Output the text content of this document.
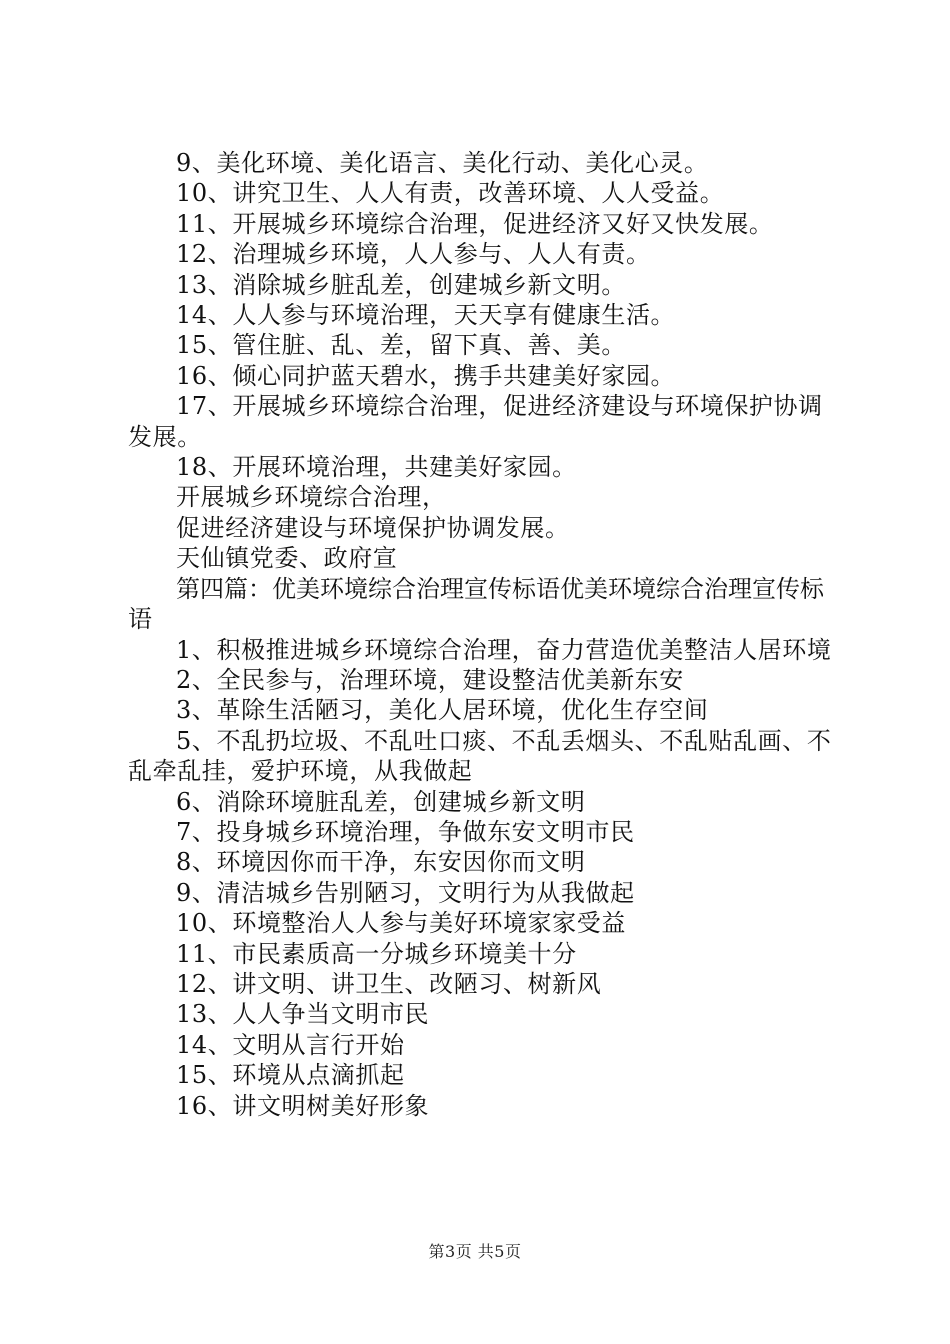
9、美化环境、美化语言、美化行动、美化心灵。

10、讲究卫生、人人有责，改善环境、人人受益。

11、开展城乡环境综合治理，促进经济又好又快发展。

12、治理城乡环境，人人参与、人人有责。

13、消除城乡脏乱差，创建城乡新文明。

14、人人参与环境治理，天天享有健康生活。

15、管住脏、乱、差，留下真、善、美。

16、倾心同护蓝天碧水，携手共建美好家园。

17、开展城乡环境综合治理，促进经济建设与环境保护协调发展。

18、开展环境治理，共建美好家园。

开展城乡环境综合治理，

促进经济建设与环境保护协调发展。

天仙镇党委、政府宣

第四篇：优美环境综合治理宣传标语优美环境综合治理宣传标语

1、积极推进城乡环境综合治理，奋力营造优美整洁人居环境

2、全民参与，治理环境，建设整洁优美新东安

3、革除生活陋习，美化人居环境，优化生存空间

5、不乱扔垃圾、不乱吐口痰、不乱丢烟头、不乱贴乱画、不乱牵乱挂，爱护环境，从我做起

6、消除环境脏乱差，创建城乡新文明

7、投身城乡环境治理，争做东安文明市民

8、环境因你而干净，东安因你而文明

9、清洁城乡告别陋习，文明行为从我做起

10、环境整治人人参与美好环境家家受益

11、市民素质高一分城乡环境美十分

12、讲文明、讲卫生、改陋习、树新风

13、人人争当文明市民

14、文明从言行开始

15、环境从点滴抓起

16、讲文明树美好形象

第3页 共5页
